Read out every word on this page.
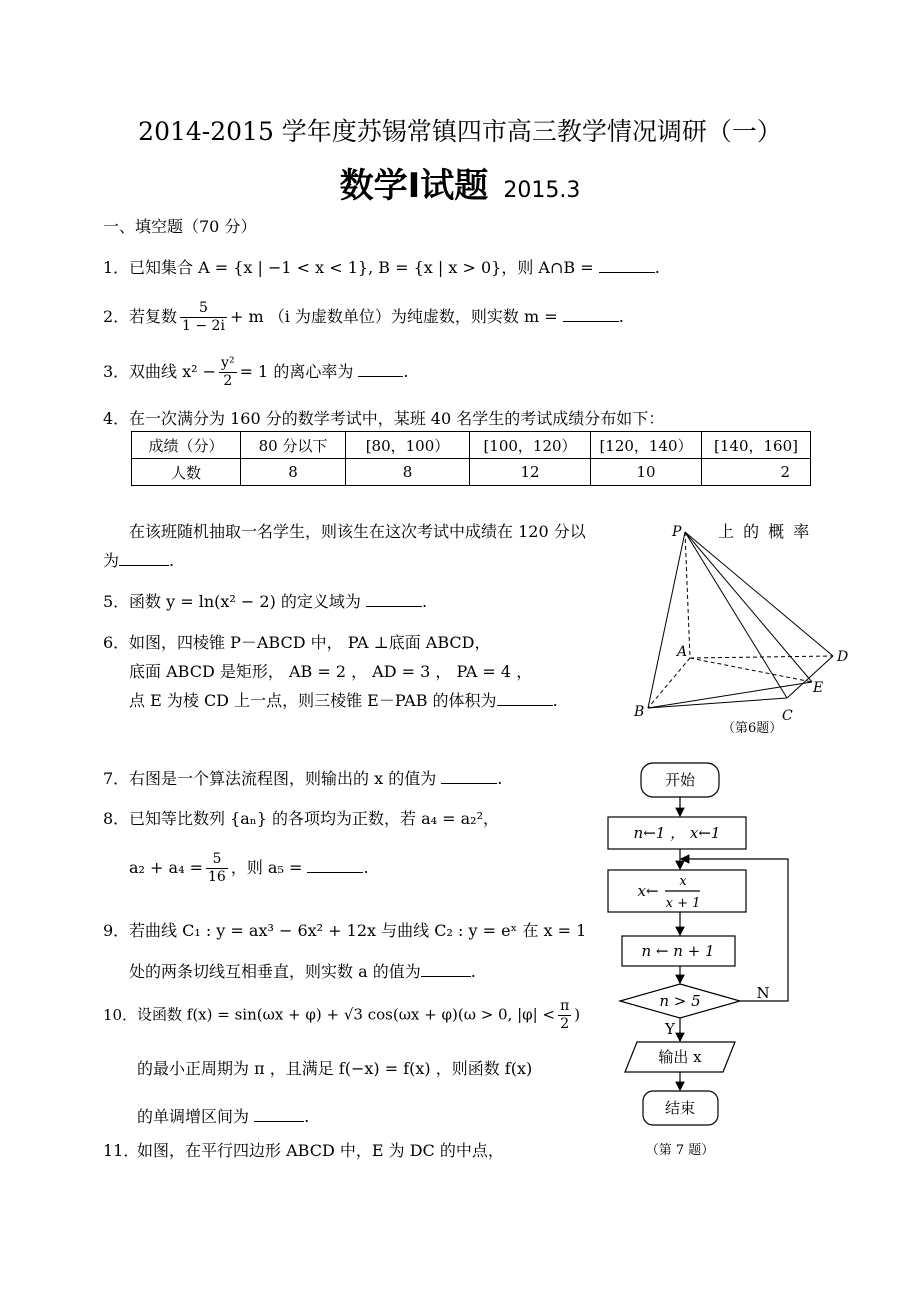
2014-2015 学年度苏锡常镇四市高三教学情况调研（一）
数学Ⅰ试题 2015.3
一、填空题（70 分）
1．已知集合 A = {x | −1 < x < 1}, B = {x | x > 0}，则 A∩B =	.
2．若复数 $\frac{5}{1 - 2i} + m$ （i 为虚数单位）为纯虚数，则实数 m =	.
3．双曲线 $x^2 - \frac{\text{y²}}{2} = 1$ 的离心率为	.
4．在一次满分为 160 分的数学考试中，某班 40 名学生的考试成绩分布如下：
成绩（分）	80 分以下	[80，100）	[100，120）	[120，140）	[140，160]
人数	8	8	12	10	2
在该班随机抽取一名学生，则该生在这次考试中成绩在 120 分以	上 的 概 率
为	.
5．函数 y = ln(x² − 2) 的定义域为	.
6．如图，四棱锥 P－ABCD 中， PA ⊥底面 ABCD，
底面 ABCD 是矩形， AB = 2 ， AD = 3 ， PA = 4 ，
点 E 为棱 CD 上一点，则三棱锥 E－PAB 的体积为	.
P
A
B	C
D
E
（第6题）
7．右图是一个算法流程图，则输出的 x 的值为	.
8．已知等比数列 {aₙ} 的各项均为正数，若 a₄ = a₂²，
$a_2 + a_4 = \frac{5}{16}$ ，则 a₅ =	.
9．若曲线 C₁ : y = ax³ − 6x² + 12x 与曲线 C₂ : y = eˣ 在 x = 1
处的两条切线互相垂直，则实数 a 的值为	.
10．设函数 f(x) = sin(ωx + φ) + √3 cos(ωx + φ)(ω > 0, $|\varphi| < \frac{\pi}{2}$ )
的最小正周期为 π ，且满足 f(−x) = f(x) ，则函数 f(x)
的单调增区间为	.
11．如图，在平行四边形 ABCD 中，E 为 DC 的中点，
开始
n←1 ， x←1
x←
x
x + 1
n ← n + 1
n > 5
Y
N
输出 x
结束
（第 7 题）
